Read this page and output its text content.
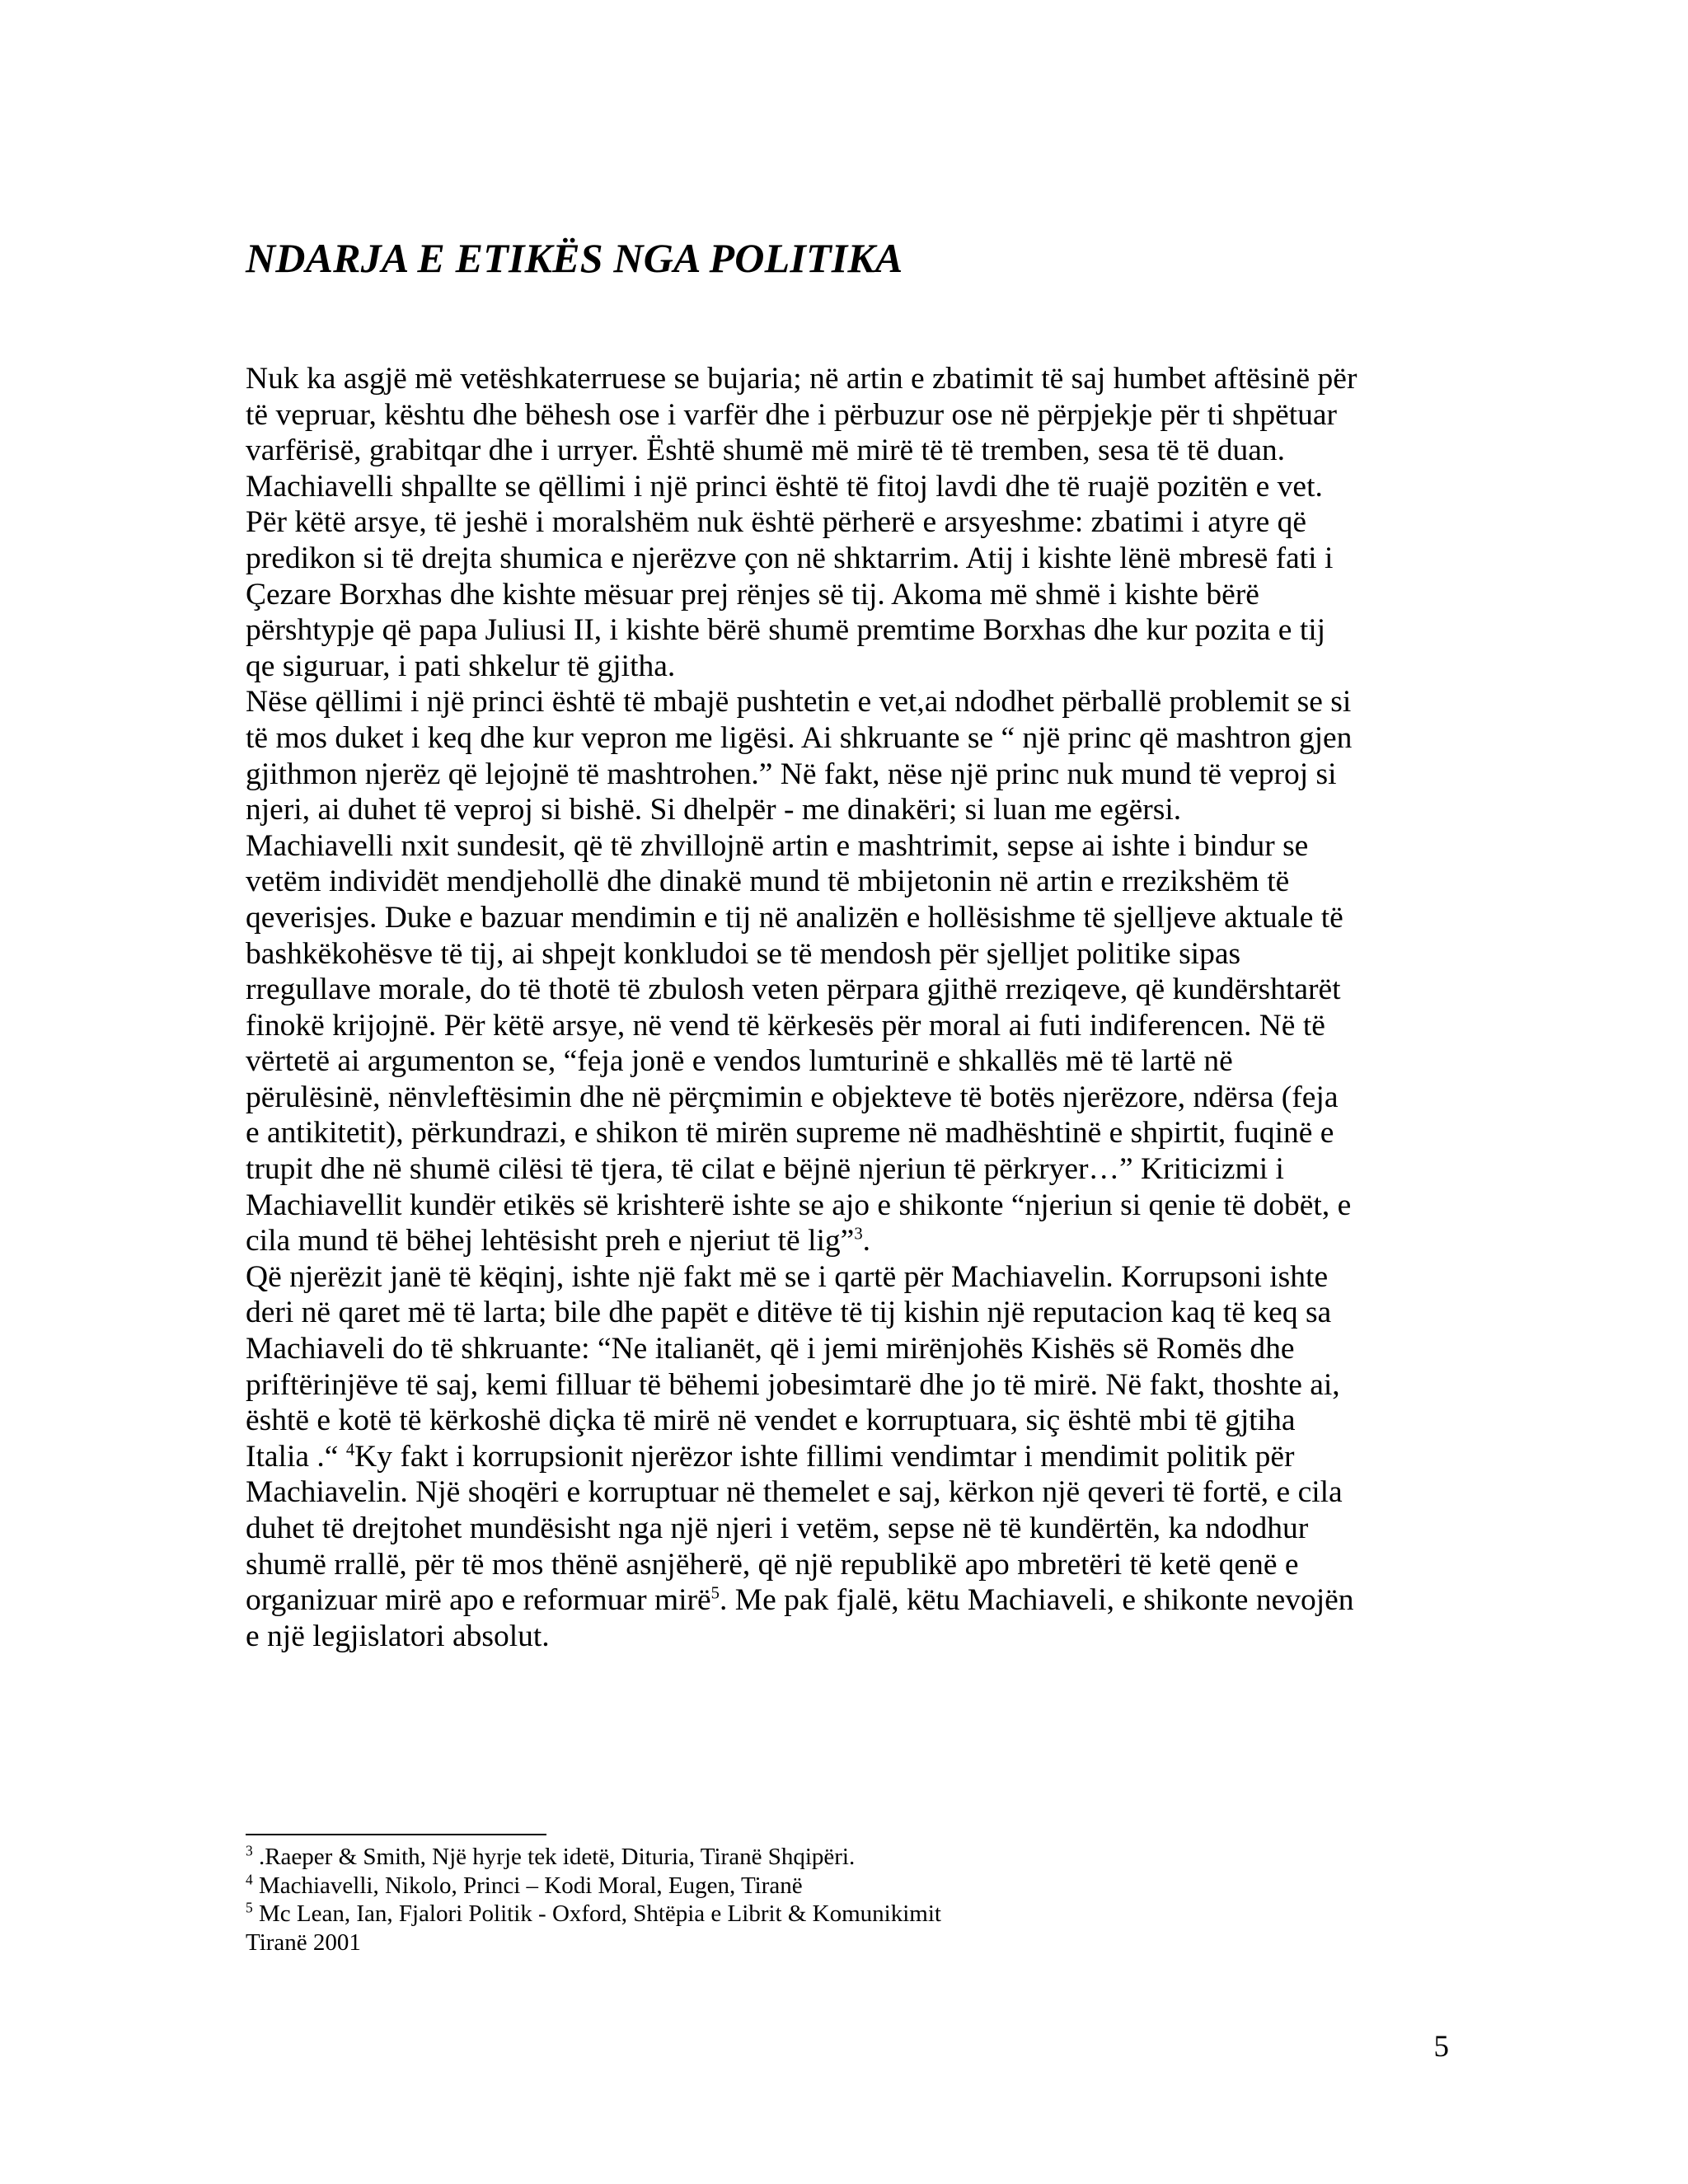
NDARJA E ETIKËS NGA POLITIKA

Nuk ka asgjë më vetëshkaterruese se bujaria; në artin e zbatimit të saj humbet aftësinë për
të vepruar, kështu dhe bëhesh ose i varfër dhe i përbuzur ose në përpjekje për ti shpëtuar
varfërisë, grabitqar dhe i urryer. Është shumë më mirë të të tremben, sesa të të duan.
Machiavelli shpallte se qëllimi i një princi është të fitoj lavdi dhe të ruajë pozitën e vet.
Për këtë arsye, të jeshë i moralshëm nuk është përherë e arsyeshme: zbatimi i atyre që
predikon si të drejta shumica e njerëzve çon në shktarrim. Atij i kishte lënë mbresë fati i
Çezare Borxhas dhe kishte mësuar prej rënjes së tij. Akoma më shmë i kishte bërë
përshtypje që papa Juliusi II, i kishte bërë shumë premtime Borxhas dhe kur pozita e tij
qe siguruar, i pati shkelur të gjitha.

Nëse qëllimi i një princi është të mbajë pushtetin e vet,ai ndodhet përballë problemit se si
të mos duket i keq dhe kur vepron me ligësi. Ai shkruante se “ një princ që mashtron gjen
gjithmon njerëz që lejojnë të mashtrohen.” Në fakt, nëse një princ nuk mund të veproj si
njeri, ai duhet të veproj si bishë. Si dhelpër - me dinakëri; si luan me egërsi.

Machiavelli nxit sundesit, që të zhvillojnë artin e mashtrimit, sepse ai ishte i bindur se
vetëm individët mendjehollë dhe dinakë mund të mbijetonin në artin e rrezikshëm të
qeverisjes. Duke e bazuar mendimin e tij në analizën e hollësishme të sjelljeve aktuale të
bashkëkohësve të tij, ai shpejt konkludoi se të mendosh për sjelljet politike sipas
rregullave morale, do të thotë të zbulosh veten përpara gjithë rreziqeve, që kundërshtarët
finokë krijojnë. Për këtë arsye, në vend të kërkesës për moral ai futi indiferencen. Në të
vërtetë ai argumenton se, “feja jonë e vendos lumturinë e shkallës më të lartë në
përulësinë, nënvleftësimin dhe në përçmimin e objekteve të botës njerëzore, ndërsa (feja
e antikitetit), përkundrazi, e shikon të mirën supreme në madhështinë e shpirtit, fuqinë e
trupit dhe në shumë cilësi të tjera, të cilat e bëjnë njeriun të përkryer…” Kriticizmi i
Machiavellit kundër etikës së krishterë ishte se ajo e shikonte “njeriun si qenie të dobët, e
cila mund të bëhej lehtësisht preh e njeriut të lig”$^3$.

Që njerëzit janë të këqinj, ishte një fakt më se i qartë për Machiavelin. Korrupsoni ishte
deri në qaret më të larta; bile dhe papët e ditëve të tij kishin një reputacion kaq të keq sa
Machiaveli do të shkruante: “Ne italianët, që i jemi mirënjohës Kishës së Romës dhe
priftërinjëve të saj, kemi filluar të bëhemi jobesimtarë dhe jo të mirë. Në fakt, thoshte ai,
është e kotë të kërkoshë diçka të mirë në vendet e korruptuara, siç është mbi të gjtiha
Italia .“ $^4$Ky fakt i korrupsionit njerëzor ishte fillimi vendimtar i mendimit politik për
Machiavelin. Një shoqëri e korruptuar në themelet e saj, kërkon një qeveri të fortë, e cila
duhet të drejtohet mundësisht nga një njeri i vetëm, sepse në të kundërtën, ka ndodhur
shumë rrallë, për të mos thënë asnjëherë, që një republikë apo mbretëri të ketë qenë e
organizuar mirë apo e reformuar mirë$^5$. Me pak fjalë, këtu Machiaveli, e shikonte nevojën
e një legjislatori absolut.

$^3$ .Raeper & Smith, Një hyrje tek idetë, Dituria, Tiranë Shqipëri.
$^4$ Machiavelli, Nikolo, Princi – Kodi Moral, Eugen, Tiranë
$^5$ Mc Lean, Ian, Fjalori Politik - Oxford, Shtëpia e Librit & Komunikimit
Tiranë 2001
5
